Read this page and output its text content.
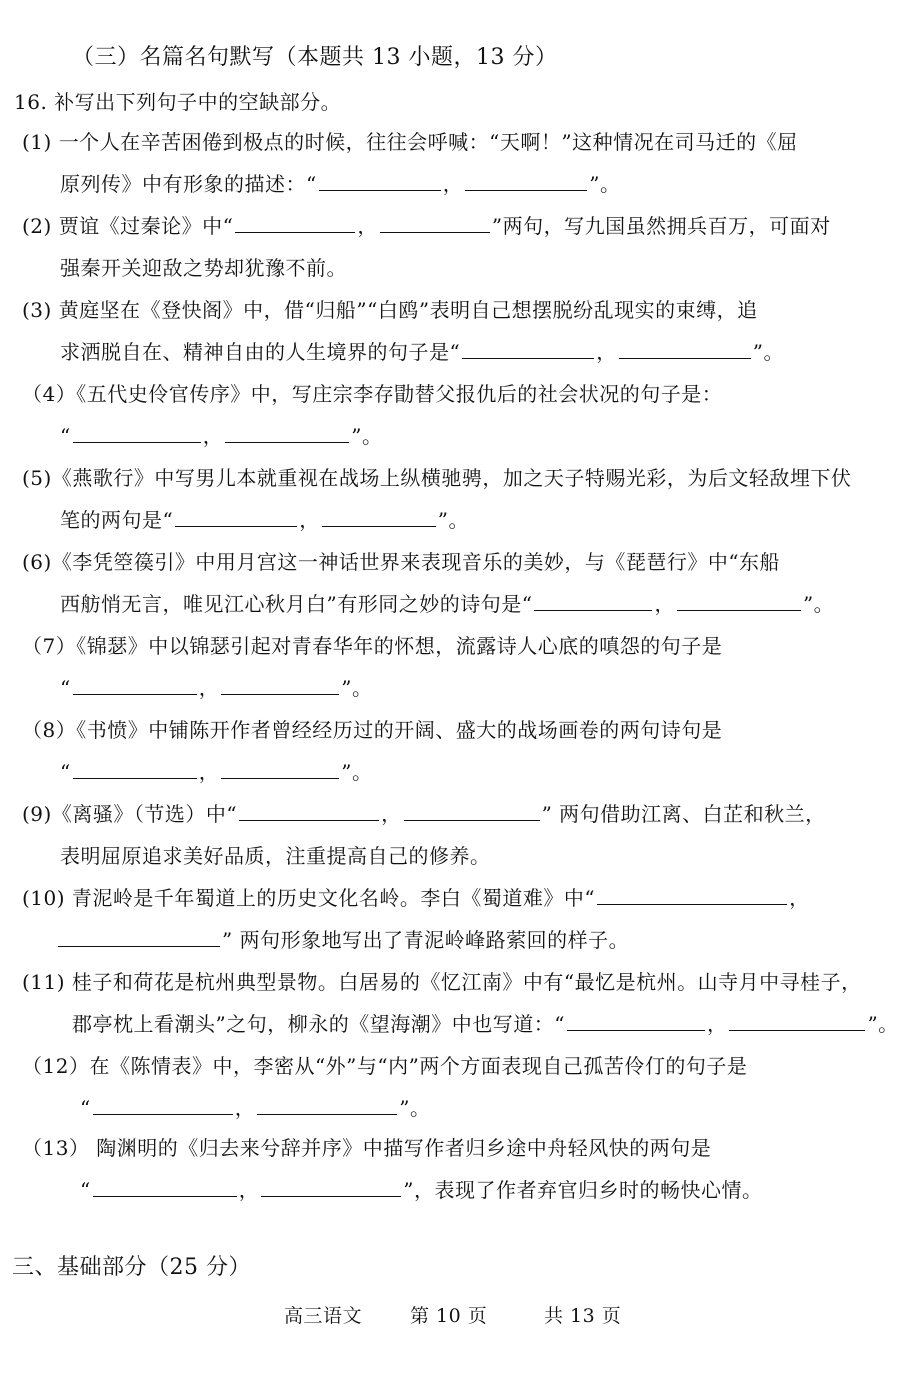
（三）名篇名句默写（本题共 13 小题，13 分）
16. 补写出下列句子中的空缺部分。
(1) 一个人在辛苦困倦到极点的时候，往往会呼喊：“天啊！”这种情况在司马迁的《屈
原列传》中有形象的描述：“	，	”。
(2) 贾谊《过秦论》中“	，	”两句，写九国虽然拥兵百万，可面对
强秦开关迎敌之势却犹豫不前。
(3) 黄庭坚在《登快阁》中，借“归船”“白鸥”表明自己想摆脱纷乱现实的束缚，追
求洒脱自在、精神自由的人生境界的句子是“	，	”。
（4）《五代史伶官传序》中，写庄宗李存勖替父报仇后的社会状况的句子是：
“	，	”。
(5)《燕歌行》中写男儿本就重视在战场上纵横驰骋，加之天子特赐光彩，为后文轻敌埋下伏
笔的两句是“	，	”。
(6)《李凭箜篌引》中用月宫这一神话世界来表现音乐的美妙，与《琵琶行》中“东船
西舫悄无言，唯见江心秋月白”有形同之妙的诗句是“	，	”。
（7）《锦瑟》中以锦瑟引起对青春华年的怀想，流露诗人心底的嗔怨的句子是
“	，	”。
（8）《书愤》中铺陈开作者曾经经历过的开阔、盛大的战场画卷的两句诗句是
“	，	”。
(9)《离骚》（节选）中“	，	” 两句借助江离、白芷和秋兰，
表明屈原追求美好品质，注重提高自己的修养。
(10) 青泥岭是千年蜀道上的历史文化名岭。李白《蜀道难》中“	，
” 两句形象地写出了青泥岭峰路萦回的样子。
(11) 桂子和荷花是杭州典型景物。白居易的《忆江南》中有“最忆是杭州。山寺月中寻桂子，
郡亭枕上看潮头”之句，柳永的《望海潮》中也写道：“	，	”。
（12）在《陈情表》中，李密从“外”与“内”两个方面表现自己孤苦伶仃的句子是
“	，	”。
（13） 陶渊明的《归去来兮辞并序》中描写作者归乡途中舟轻风快的两句是
“	，	”，表现了作者弃官归乡时的畅快心情。
三、基础部分（25 分）
高三语文	第 10 页	共 13 页
